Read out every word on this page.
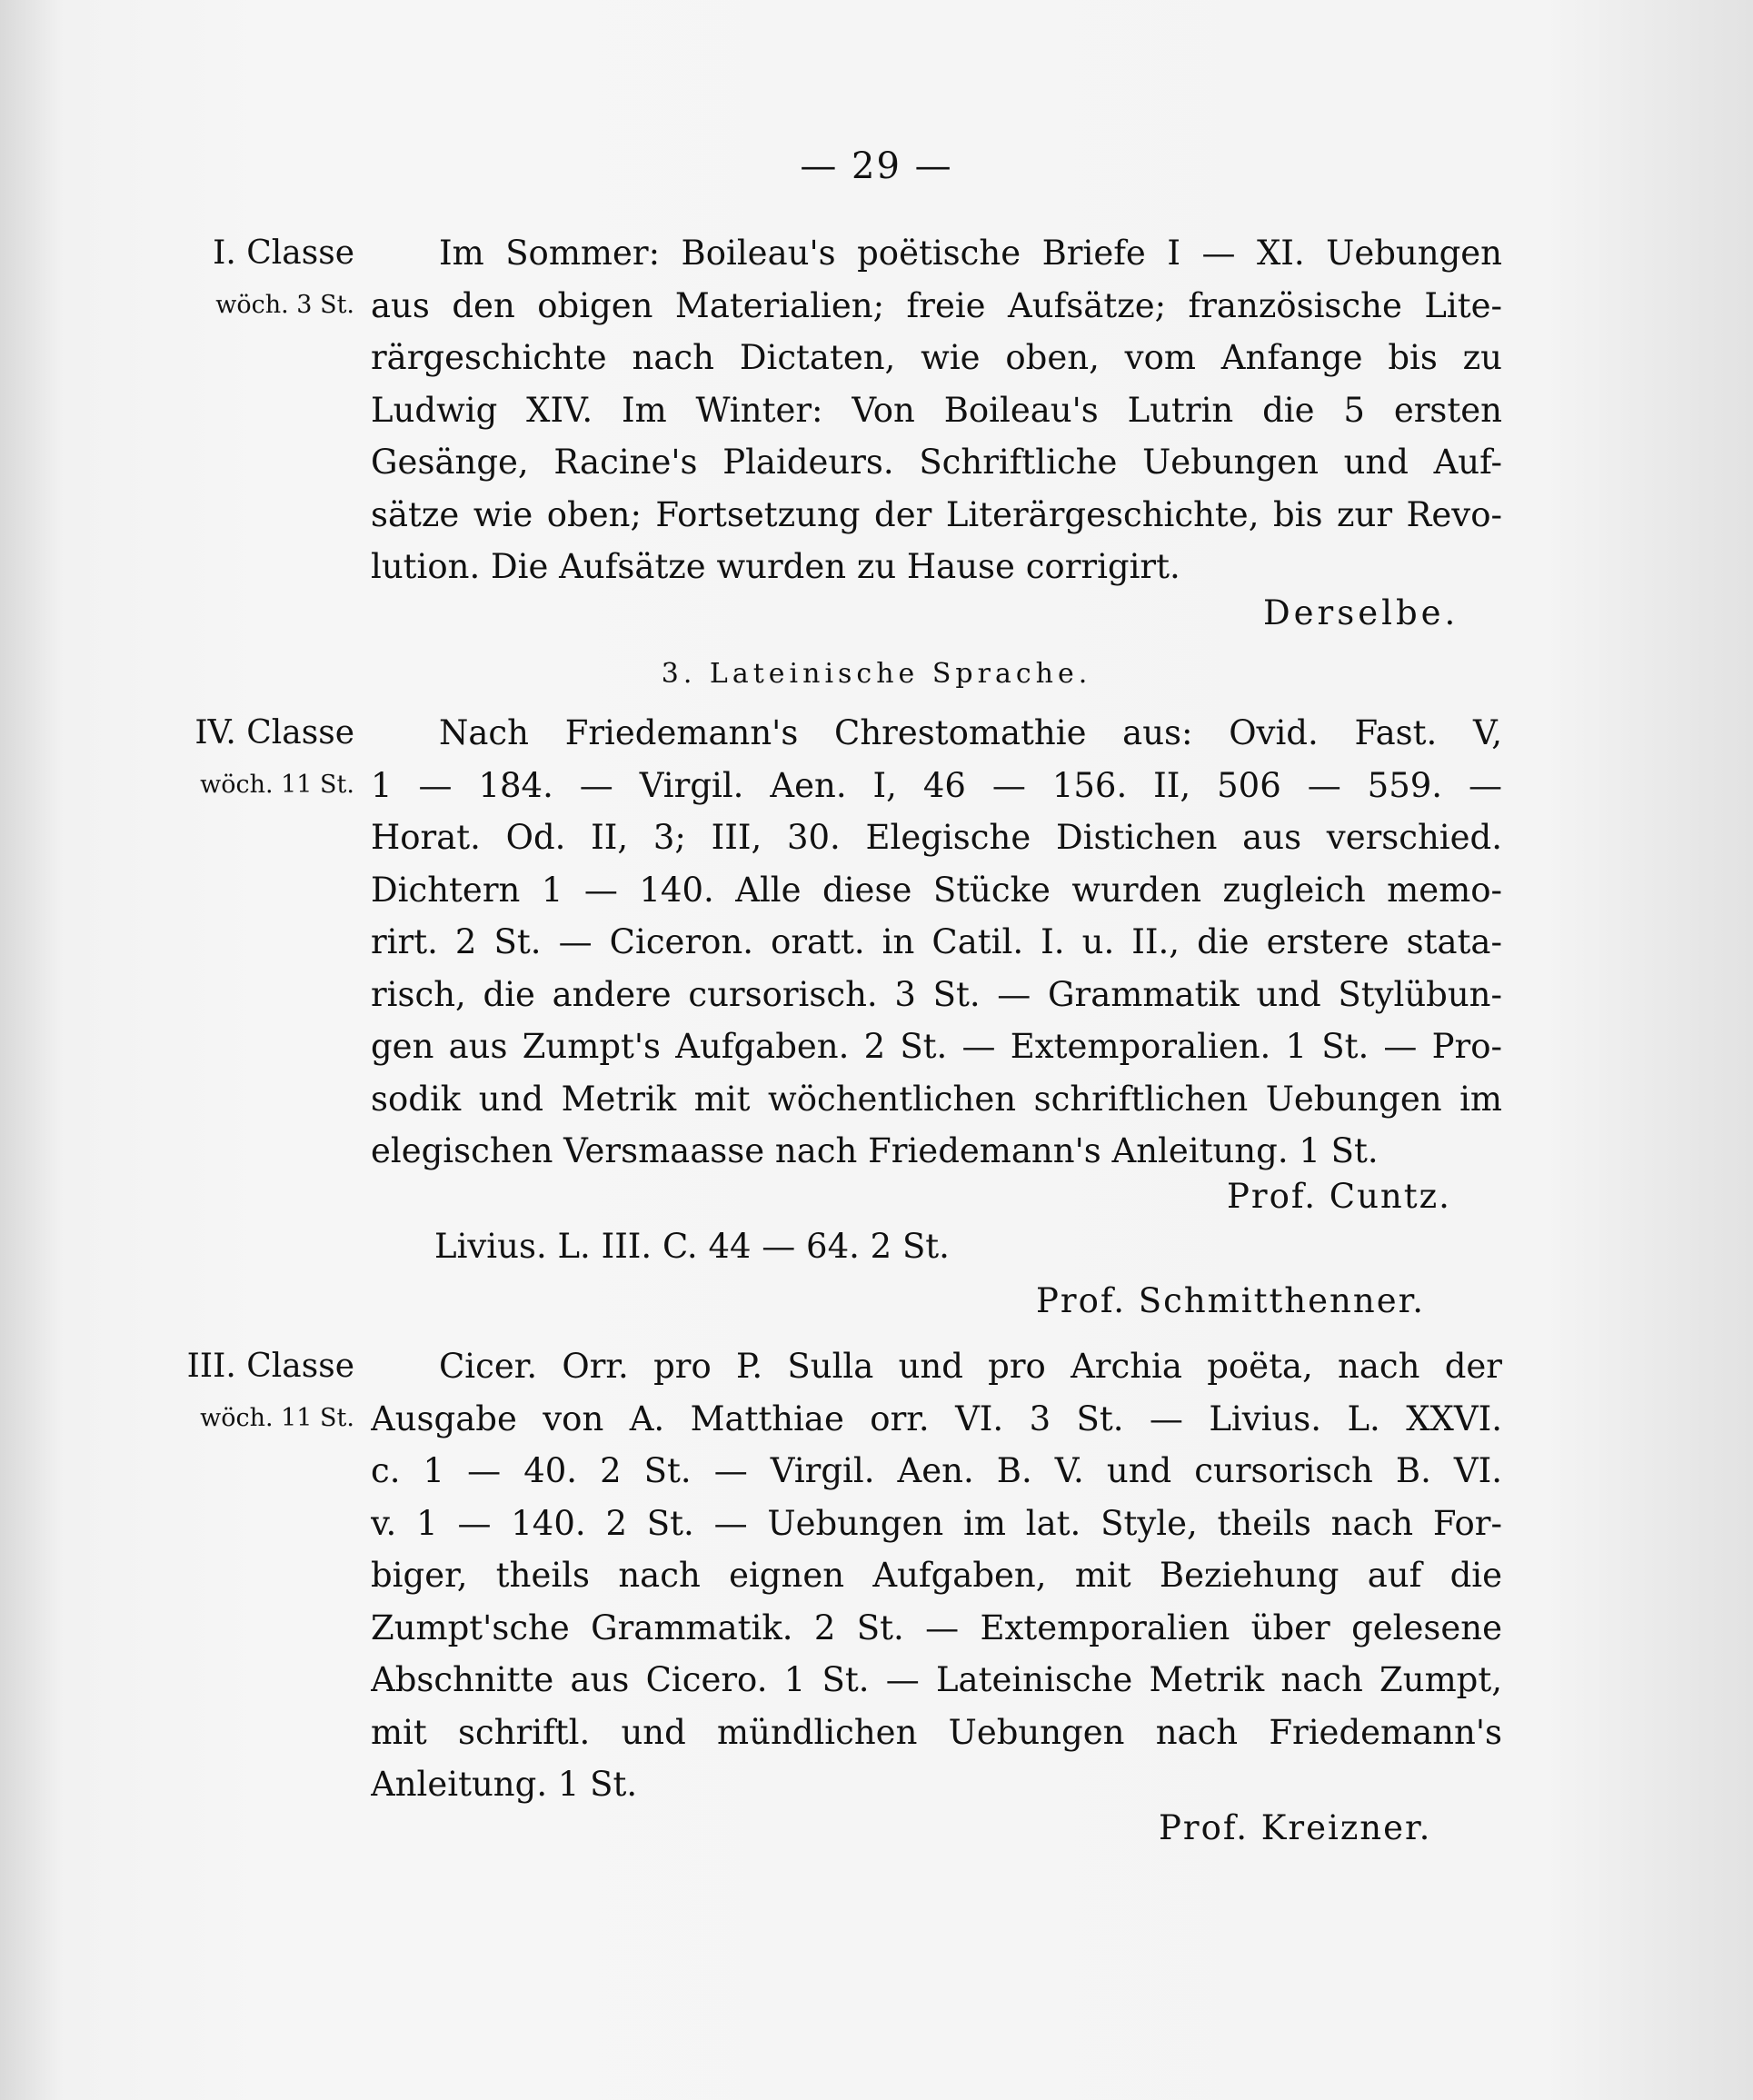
— 29 —
I. Classe
wöch. 3 St.
Im Sommer: Boileau's poëtische Briefe I — XI. Uebungen
aus den obigen Materialien; freie Aufsätze; französische Lite-
rärgeschichte nach Dictaten, wie oben, vom Anfange bis zu
Ludwig XIV. Im Winter: Von Boileau's Lutrin die 5 ersten
Gesänge, Racine's Plaideurs. Schriftliche Uebungen und Auf-
sätze wie oben; Fortsetzung der Literärgeschichte, bis zur Revo-
lution. Die Aufsätze wurden zu Hause corrigirt.
Derselbe.
3. Lateinische Sprache.
IV. Classe
wöch. 11 St.
Nach Friedemann's Chrestomathie aus: Ovid. Fast. V,
1 — 184. — Virgil. Aen. I, 46 — 156. II, 506 — 559. —
Horat. Od. II, 3; III, 30. Elegische Distichen aus verschied.
Dichtern 1 — 140. Alle diese Stücke wurden zugleich memo-
rirt. 2 St. — Ciceron. oratt. in Catil. I. u. II., die erstere stata-
risch, die andere cursorisch. 3 St. — Grammatik und Stylübun-
gen aus Zumpt's Aufgaben. 2 St. — Extemporalien. 1 St. — Pro-
sodik und Metrik mit wöchentlichen schriftlichen Uebungen im
elegischen Versmaasse nach Friedemann's Anleitung. 1 St.
Prof. Cuntz.
Livius. L. III. C. 44 — 64. 2 St.
Prof. Schmitthenner.
III. Classe
wöch. 11 St.
Cicer. Orr. pro P. Sulla und pro Archia poëta, nach der
Ausgabe von A. Matthiae orr. VI. 3 St. — Livius. L. XXVI.
c. 1 — 40. 2 St. — Virgil. Aen. B. V. und cursorisch B. VI.
v. 1 — 140. 2 St. — Uebungen im lat. Style, theils nach For-
biger, theils nach eignen Aufgaben, mit Beziehung auf die
Zumpt'sche Grammatik. 2 St. — Extemporalien über gelesene
Abschnitte aus Cicero. 1 St. — Lateinische Metrik nach Zumpt,
mit schriftl. und mündlichen Uebungen nach Friedemann's
Anleitung. 1 St.
Prof. Kreizner.
